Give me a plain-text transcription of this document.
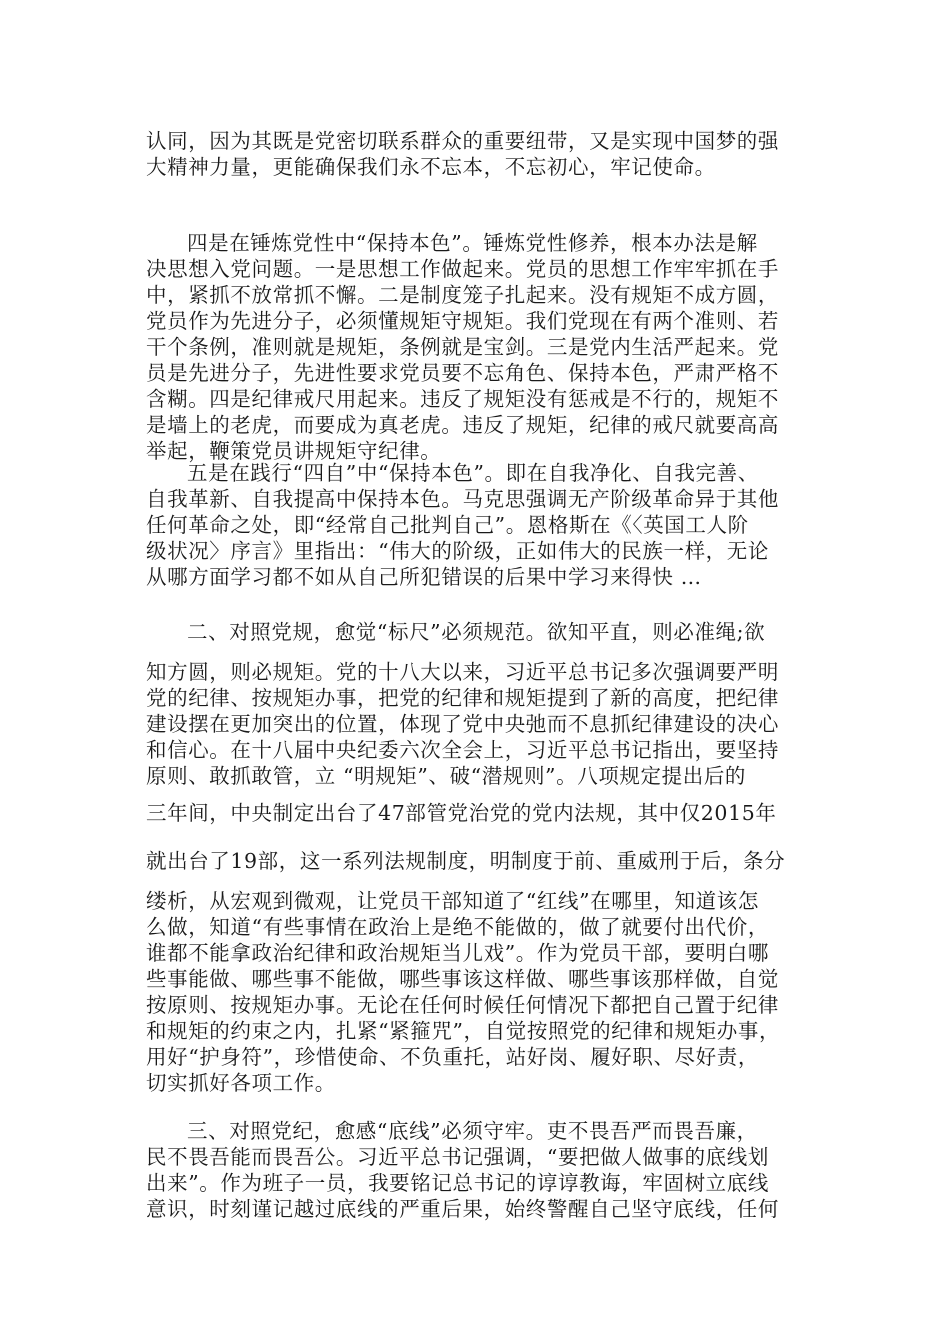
认同，因为其既是党密切联系群众的重要纽带，又是实现中国梦的强
大精神力量，更能确保我们永不忘本，不忘初心，牢记使命。
四是在锤炼党性中“保持本色”。锤炼党性修养，根本办法是解
决思想入党问题。一是思想工作做起来。党员的思想工作牢牢抓在手
中，紧抓不放常抓不懈。二是制度笼子扎起来。没有规矩不成方圆，
党员作为先进分子，必须懂规矩守规矩。我们党现在有两个准则、若
干个条例，准则就是规矩，条例就是宝剑。三是党内生活严起来。党
员是先进分子，先进性要求党员要不忘角色、保持本色，严肃严格不
含糊。四是纪律戒尺用起来。违反了规矩没有惩戒是不行的，规矩不
是墙上的老虎，而要成为真老虎。违反了规矩，纪律的戒尺就要高高
举起，鞭策党员讲规矩守纪律。
五是在践行“四自”中“保持本色”。即在自我净化、自我完善、
自我革新、自我提高中保持本色。马克思强调无产阶级革命异于其他
任何革命之处，即“经常自己批判自己”。恩格斯在《〈英国工人阶
级状况〉序言》里指出：“伟大的阶级，正如伟大的民族一样，无论
从哪方面学习都不如从自己所犯错误的后果中学习来得快 …
二、对照党规，愈觉“标尺”必须规范。欲知平直，则必准绳;欲
知方圆，则必规矩。党的十八大以来，习近平总书记多次强调要严明
党的纪律、按规矩办事，把党的纪律和规矩提到了新的高度，把纪律
建设摆在更加突出的位置，体现了党中央弛而不息抓纪律建设的决心
和信心。在十八届中央纪委六次全会上，习近平总书记指出，要坚持
原则、敢抓敢管，立 “明规矩”、破“潜规则”。八项规定提出后的
三年间，中央制定出台了47部管党治党的党内法规，其中仅2015年
就出台了19部，这一系列法规制度，明制度于前、重威刑于后，条分
缕析，从宏观到微观，让党员干部知道了“红线”在哪里，知道该怎
么做，知道“有些事情在政治上是绝不能做的，做了就要付出代价，
谁都不能拿政治纪律和政治规矩当儿戏”。作为党员干部，要明白哪
些事能做、哪些事不能做，哪些事该这样做、哪些事该那样做，自觉
按原则、按规矩办事。无论在任何时候任何情况下都把自己置于纪律
和规矩的约束之内，扎紧“紧箍咒”，自觉按照党的纪律和规矩办事，
用好“护身符”，珍惜使命、不负重托，站好岗、履好职、尽好责，
切实抓好各项工作。
三、对照党纪，愈感“底线”必须守牢。吏不畏吾严而畏吾廉，
民不畏吾能而畏吾公。习近平总书记强调，“要把做人做事的底线划
出来”。作为班子一员，我要铭记总书记的谆谆教诲，牢固树立底线
意识，时刻谨记越过底线的严重后果，始终警醒自己坚守底线，任何
